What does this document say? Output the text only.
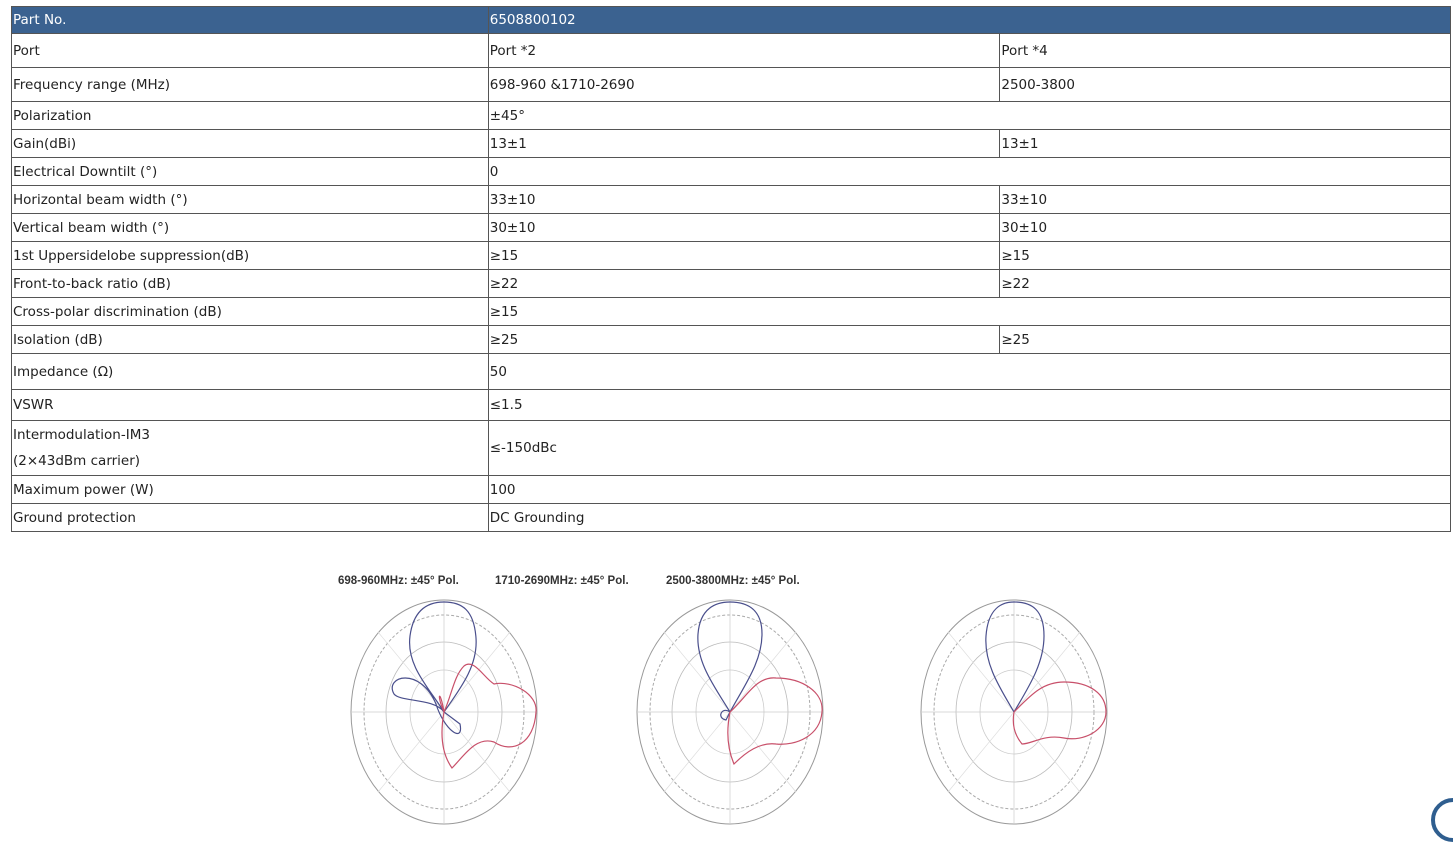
Part No.	6508800102	
Port	Port *2	Port *4
Frequency range (MHz)	698-960 &1710-2690	2500-3800
Polarization	±45°	
Gain(dBi)	13±1	13±1
Electrical Downtilt (°)	0	
Horizontal beam width (°)	33±10	33±10
Vertical beam width (°)	30±10	30±10
1st Uppersidelobe suppression(dB)	≥15	≥15
Front-to-back ratio (dB)	≥22	≥22
Cross-polar discrimination (dB)	≥15	
Isolation (dB)	≥25	≥25
Impedance (Ω)	50	
VSWR	≤1.5	

Intermodulation-IM3
(2×43dBm carrier)	≤-150dBc	
Maximum power (W)	100	
Ground protection	DC Grounding	
698-960MHz: ±45° Pol.	1710-2690MHz: ±45° Pol.	2500-3800MHz: ±45° Pol.
